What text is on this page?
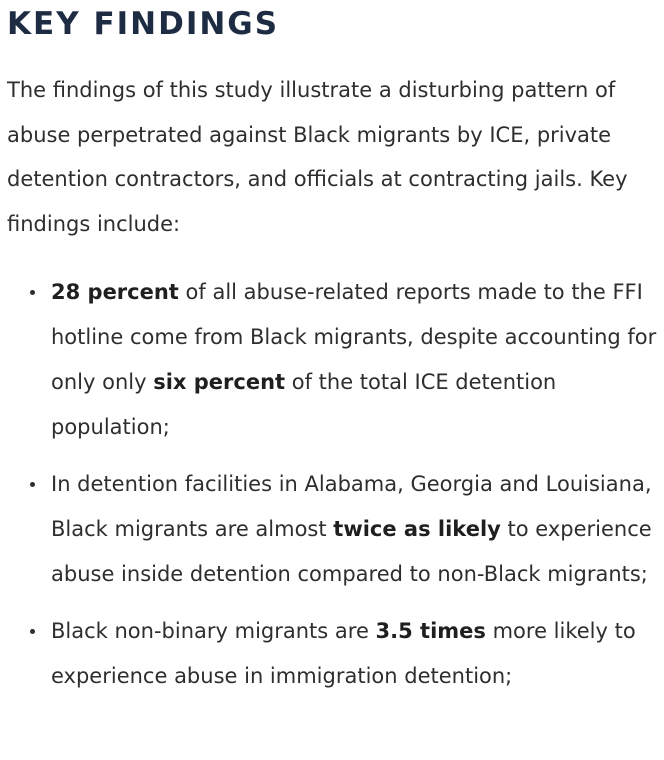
KEY FINDINGS

The findings of this study illustrate a disturbing pattern of abuse perpetrated against Black migrants by ICE, private detention contractors, and officials at contracting jails. Key findings include:

28 percent of all abuse-related reports made to the FFI hotline come from Black migrants, despite accounting for only only six percent of the total ICE detention population;
In detention facilities in Alabama, Georgia and Louisiana, Black migrants are almost twice as likely to experience abuse inside detention compared to non-Black migrants;
Black non-binary migrants are 3.5 times more likely to experience abuse in immigration detention;
